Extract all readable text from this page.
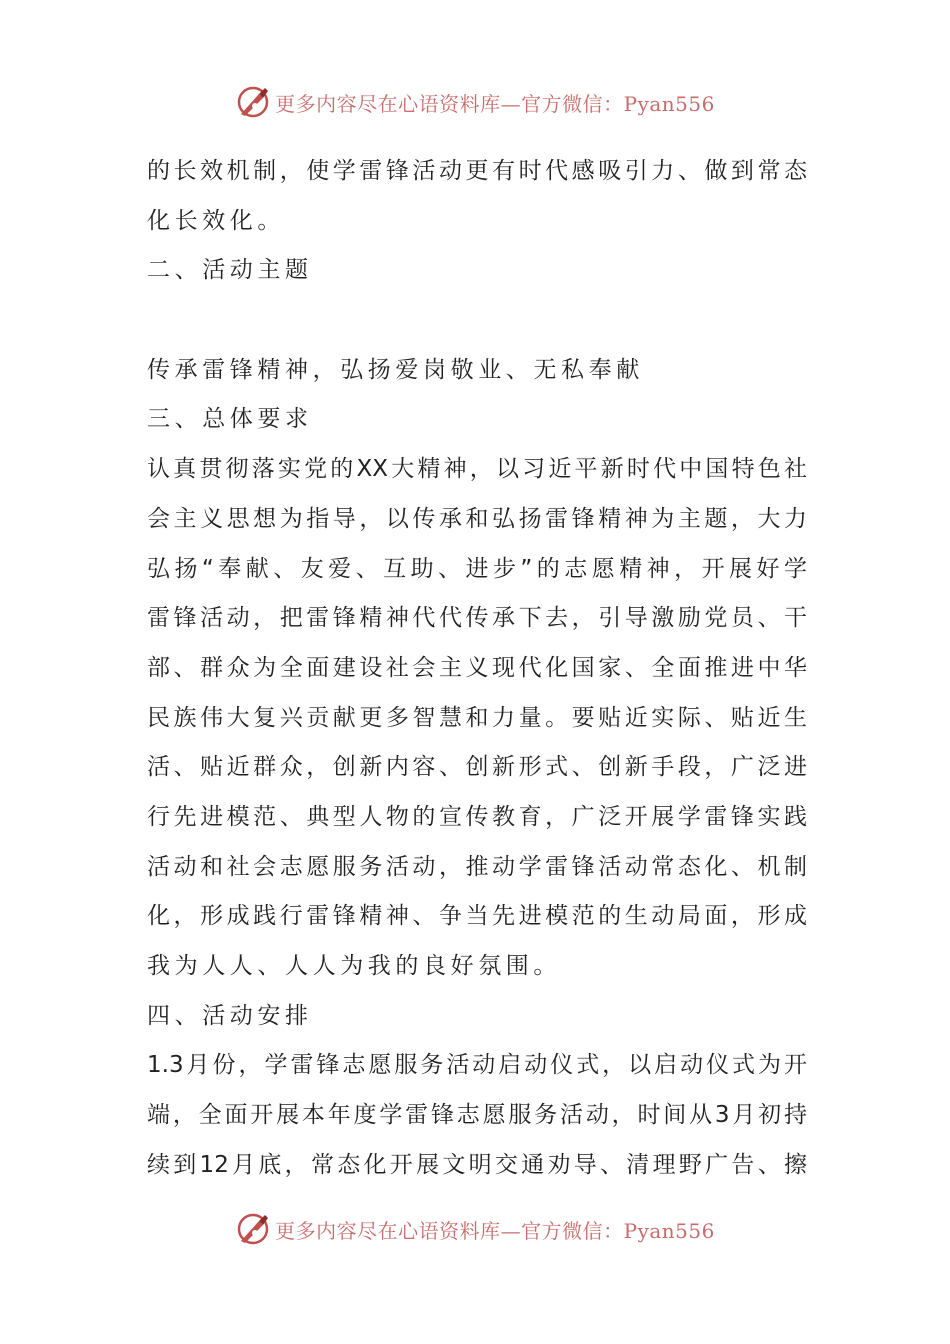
更多内容尽在心语资料库—官方微信：Pyan556
的长效机制，使学雷锋活动更有时代感吸引力、做到常态
化长效化。
二、活动主题
传承雷锋精神，弘扬爱岗敬业、无私奉献
三、总体要求
认真贯彻落实党的XX大精神，以习近平新时代中国特色社
会主义思想为指导，以传承和弘扬雷锋精神为主题，大力
弘扬“奉献、友爱、互助、进步”的志愿精神，开展好学
雷锋活动，把雷锋精神代代传承下去，引导激励党员、干
部、群众为全面建设社会主义现代化国家、全面推进中华
民族伟大复兴贡献更多智慧和力量。要贴近实际、贴近生
活、贴近群众，创新内容、创新形式、创新手段，广泛进
行先进模范、典型人物的宣传教育，广泛开展学雷锋实践
活动和社会志愿服务活动，推动学雷锋活动常态化、机制
化，形成践行雷锋精神、争当先进模范的生动局面，形成
我为人人、人人为我的良好氛围。
四、活动安排
1.3月份，学雷锋志愿服务活动启动仪式，以启动仪式为开
端，全面开展本年度学雷锋志愿服务活动，时间从3月初持
续到12月底，常态化开展文明交通劝导、清理野广告、擦
更多内容尽在心语资料库—官方微信：Pyan556
